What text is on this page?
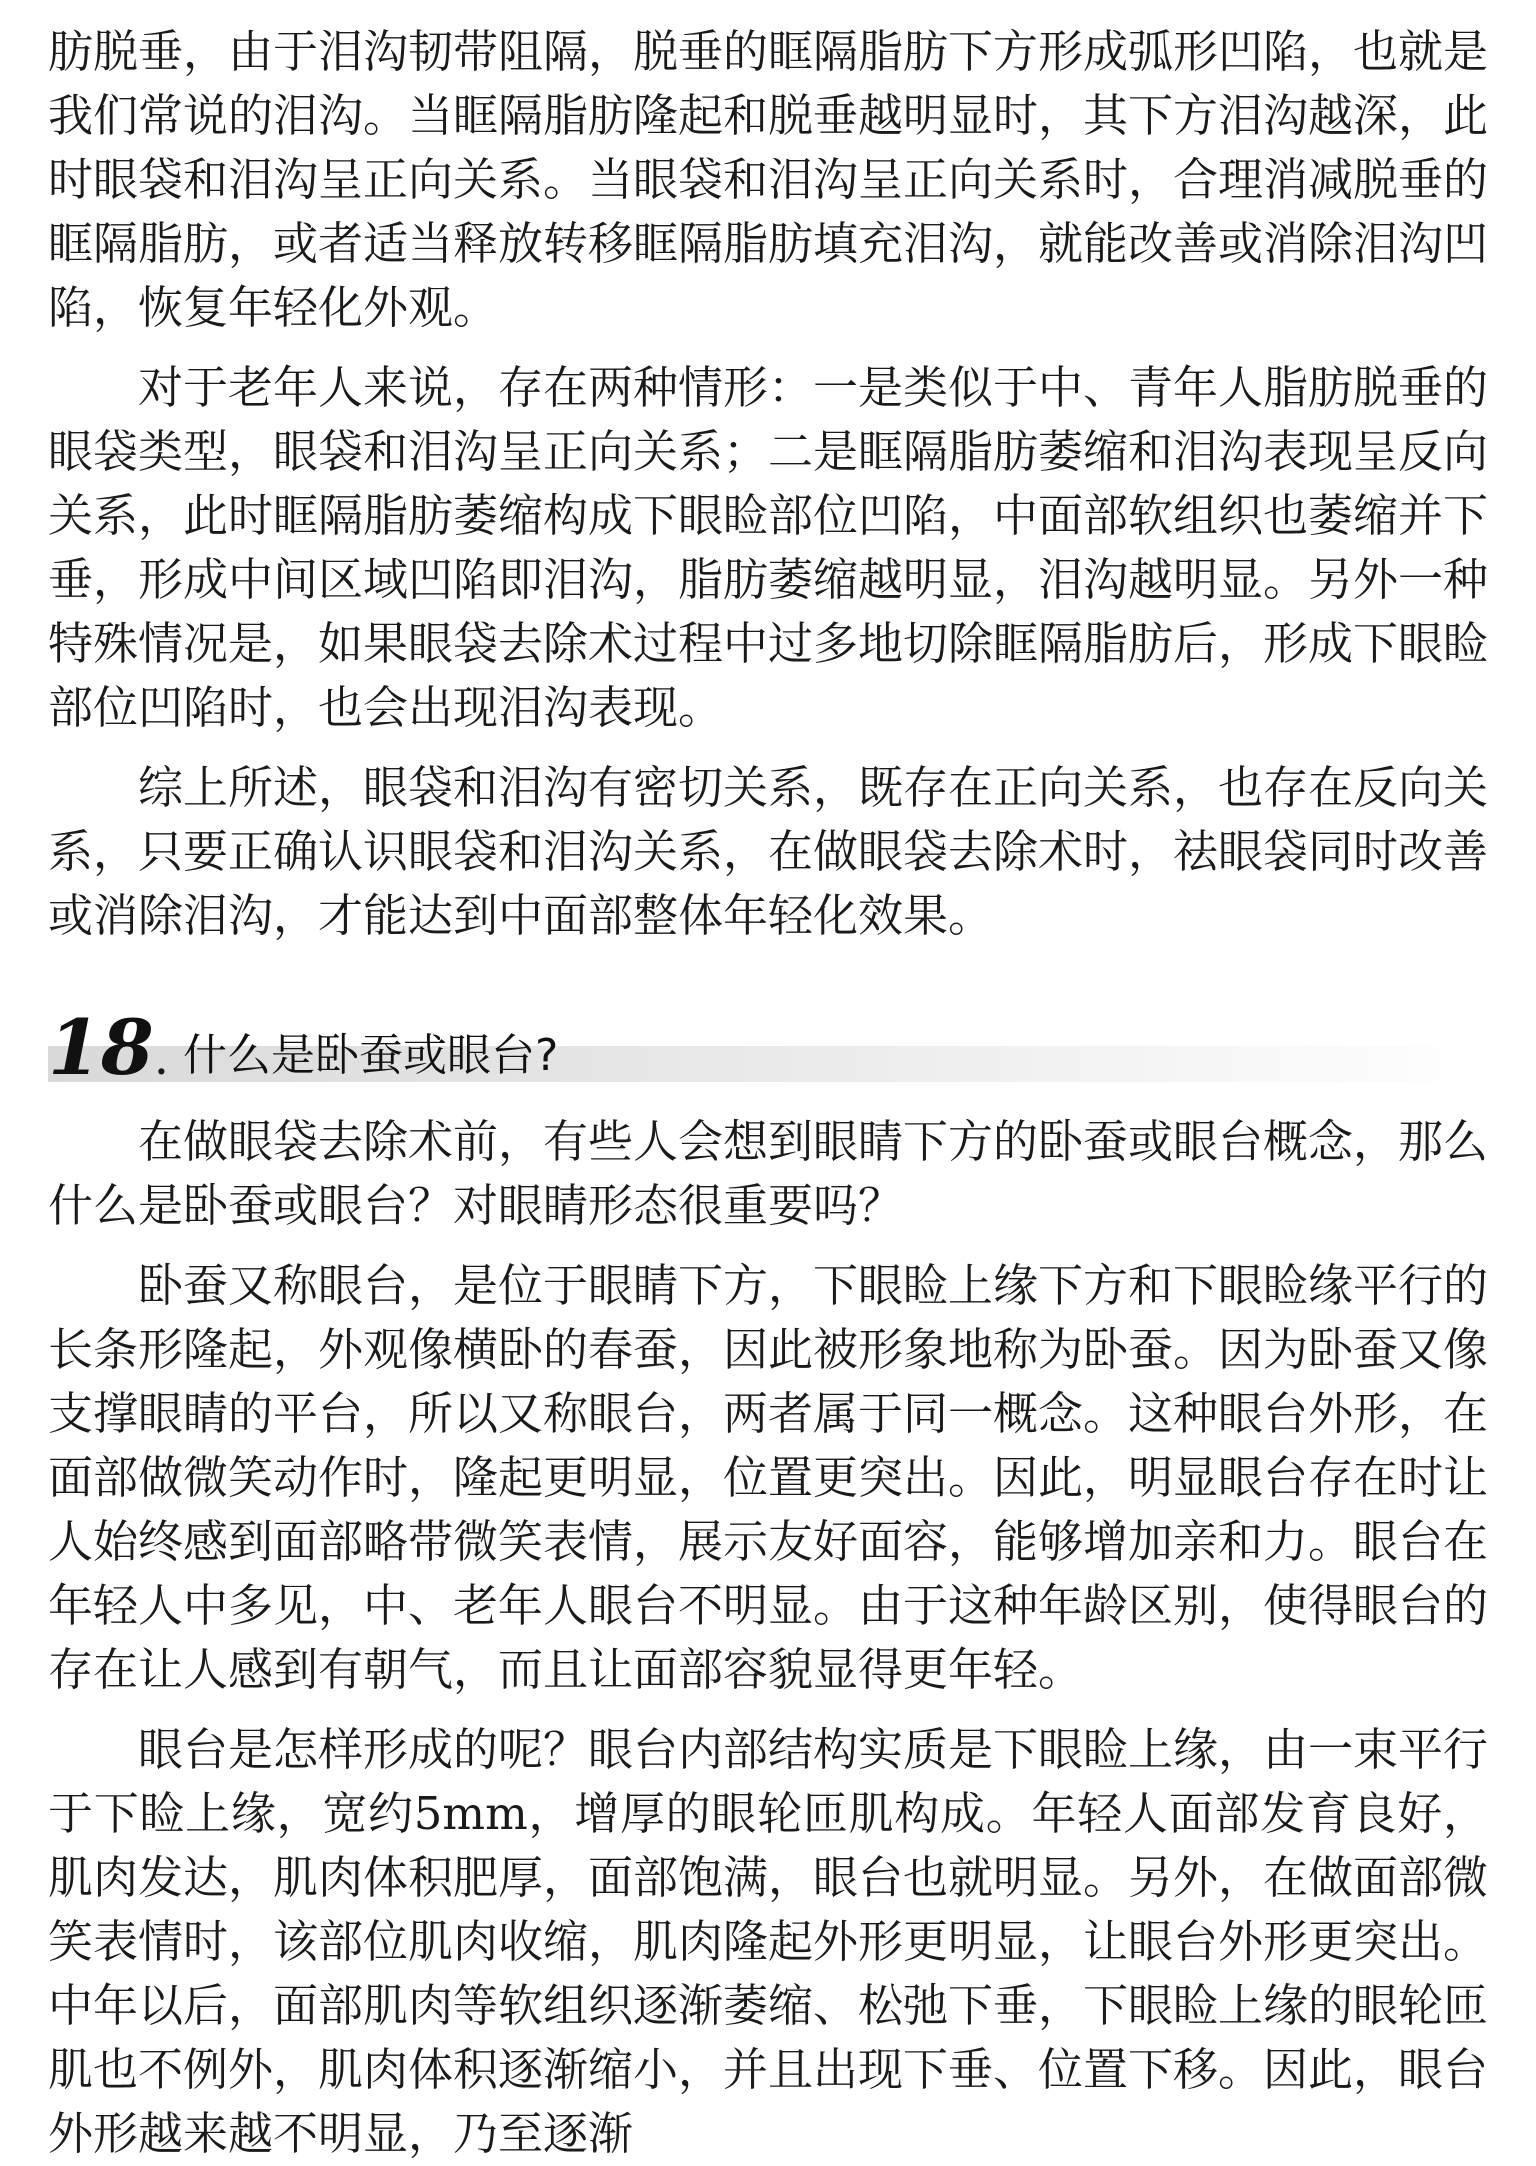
肪脱垂，由于泪沟韧带阻隔，脱垂的眶隔脂肪下方形成弧形凹陷，也就是我们常说的泪沟。当眶隔脂肪隆起和脱垂越明显时，其下方泪沟越深，此时眼袋和泪沟呈正向关系。当眼袋和泪沟呈正向关系时，合理消减脱垂的眶隔脂肪，或者适当释放转移眶隔脂肪填充泪沟，就能改善或消除泪沟凹陷，恢复年轻化外观。

对于老年人来说，存在两种情形：一是类似于中、青年人脂肪脱垂的眼袋类型，眼袋和泪沟呈正向关系；二是眶隔脂肪萎缩和泪沟表现呈反向关系，此时眶隔脂肪萎缩构成下眼睑部位凹陷，中面部软组织也萎缩并下垂，形成中间区域凹陷即泪沟，脂肪萎缩越明显，泪沟越明显。另外一种特殊情况是，如果眼袋去除术过程中过多地切除眶隔脂肪后，形成下眼睑部位凹陷时，也会出现泪沟表现。

综上所述，眼袋和泪沟有密切关系，既存在正向关系，也存在反向关系，只要正确认识眼袋和泪沟关系，在做眼袋去除术时，祛眼袋同时改善或消除泪沟，才能达到中面部整体年轻化效果。

18 . 什么是卧蚕或眼台?

在做眼袋去除术前，有些人会想到眼睛下方的卧蚕或眼台概念，那么什么是卧蚕或眼台？对眼睛形态很重要吗？

卧蚕又称眼台，是位于眼睛下方，下眼睑上缘下方和下眼睑缘平行的长条形隆起，外观像横卧的春蚕，因此被形象地称为卧蚕。因为卧蚕又像支撑眼睛的平台，所以又称眼台，两者属于同一概念。这种眼台外形，在面部做微笑动作时，隆起更明显，位置更突出。因此，明显眼台存在时让人始终感到面部略带微笑表情，展示友好面容，能够增加亲和力。眼台在年轻人中多见，中、老年人眼台不明显。由于这种年龄区别，使得眼台的存在让人感到有朝气，而且让面部容貌显得更年轻。

眼台是怎样形成的呢？眼台内部结构实质是下眼睑上缘，由一束平行于下睑上缘，宽约5mm，增厚的眼轮匝肌构成。年轻人面部发育良好，肌肉发达，肌肉体积肥厚，面部饱满，眼台也就明显。另外，在做面部微笑表情时，该部位肌肉收缩，肌肉隆起外形更明显，让眼台外形更突出。中年以后，面部肌肉等软组织逐渐萎缩、松弛下垂，下眼睑上缘的眼轮匝肌也不例外，肌肉体积逐渐缩小，并且出现下垂、位置下移。因此，眼台外形越来越不明显，乃至逐渐
